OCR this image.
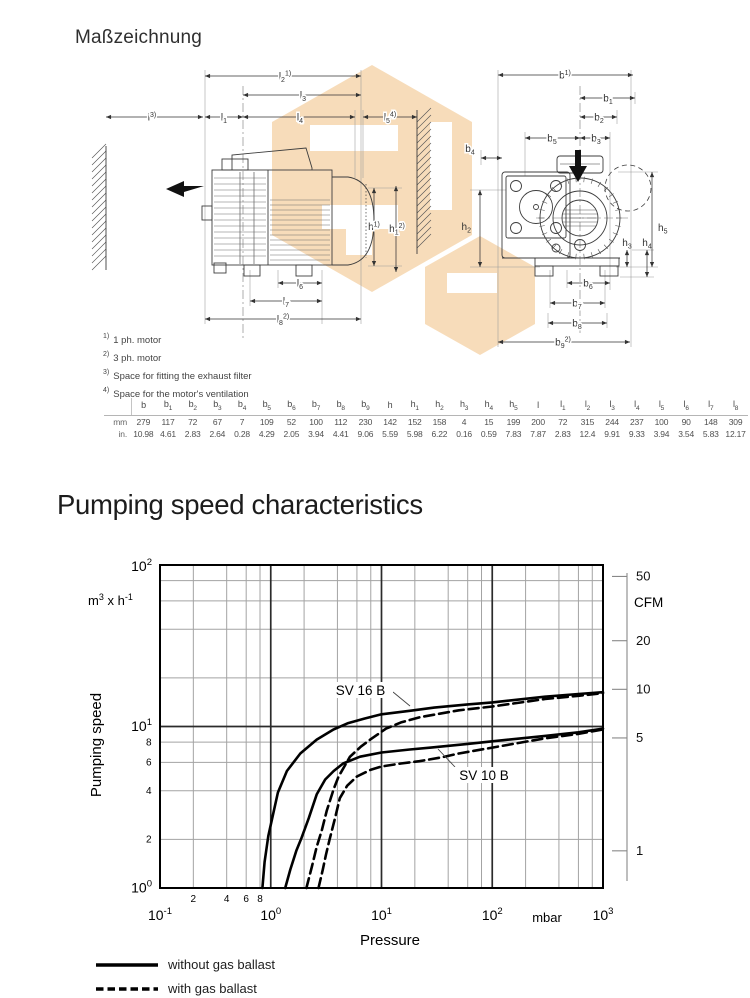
Maßzeichnung
$l_2^{1)}$
$l_3$
$l^{3)}$	$l_1$	$l_4$	$l_5^{4)}$
$h^{1)}$ $h_1^{2)}$
$l_6$
$l_7$
$l_8^{2)}$
$b^{1)}$
$b_1$
$b_2$
$b_5$	$b_3$
$b_4$
$h_2$	$h_5$
$h_3$ $h_4$
$b_6$
$b_7$
$b_8$
$b_9^{2)}$
$^{1)}$ 1 ph. motor
$^{2)}$ 3 ph. motor
$^{3)}$ Space for fitting the exhaust filter
$^{4)}$ Space for the motor's ventilation
	b	$b_1$	$b_2$	$b_3$	$b_4$	$b_5$	$b_6$	$b_7$	$b_8$	$b_9$	h	$h_1$	$h_2$	$h_3$	$h_4$	$h_5$	l	$l_1$	$l_2$	$l_3$	$l_4$	$l_5$	$l_6$	$l_7$	$l_8$
mm	279	117	72	67	7	109	52	100	112	230	142	152	158	4	15	199	200	72	315	244	237	100	90	148	309
in.	10.98	4.61	2.83	2.64	0.28	4.29	2.05	3.94	4.41	9.06	5.59	5.98	6.22	0.16	0.59	7.83	7.87	2.83	12.4	9.91	9.33	3.94	3.54	5.83	12.17
Pumping speed characteristics
$10^{-1}$	$10^0$	$10^1$	$10^2$	$10^3$
2	4 6 8
$10^2$
$10^1$
$10^0$
8
6
4
2
$m^3$ x $h^{-1}$
Pumping speed
mbar
Pressure
50
20
10
5
1
CFM
SV 16 B
SV 10 B
without gas ballast
with gas ballast
